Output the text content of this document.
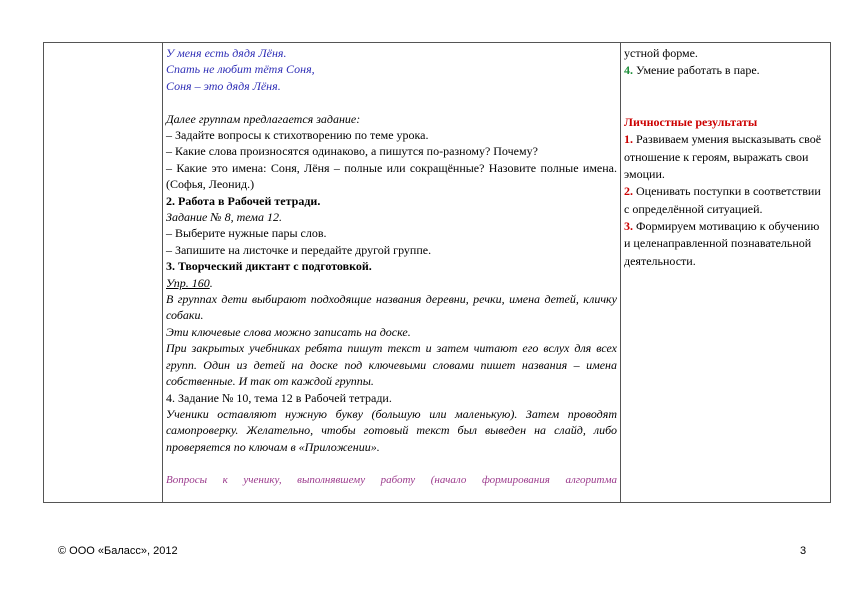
У меня есть дядя Лёня.
Спать не любит тётя Соня,
Соня – это дядя Лёня.
Далее группам предлагается задание:
– Задайте вопросы к стихотворению по теме урока.
– Какие слова произносятся одинаково, а пишутся по-разному? Почему?
– Какие это имена: Соня, Лёня – полные или сокращённые? Назовите полные имена. (Софья, Леонид.)
2. Работа в Рабочей тетради.
Задание № 8, тема 12.
– Выберите нужные пары слов.
– Запишите на листочке и передайте другой группе.
3. Творческий диктант с подготовкой.
Упр. 160.
В группах дети выбирают подходящие названия деревни, речки, имена детей, кличку собаки.
Эти ключевые слова можно записать на доске.
При закрытых учебниках ребята пишут текст и затем читают его вслух для всех групп. Один из детей на доске под ключевыми словами пишет названия – имена собственные. И так от каждой группы.
4. Задание № 10, тема 12 в Рабочей тетради.
Ученики оставляют нужную букву (большую или маленькую). Затем проводят самопроверку. Желательно, чтобы готовый текст был выведен на слайд, либо проверяется по ключам в «Приложении».
Вопросы к ученику, выполнявшему работу (начало формирования алгоритма

устной форме.
4. Умение работать в паре.
Личностные результаты
1. Развиваем умения высказывать своё отношение к героям, выражать свои эмоции.
2. Оценивать поступки в соответствии с определённой ситуацией.
3. Формируем мотивацию к обучению и целенаправленной познавательной деятельности.
© ООО «Баласс», 2012	3
